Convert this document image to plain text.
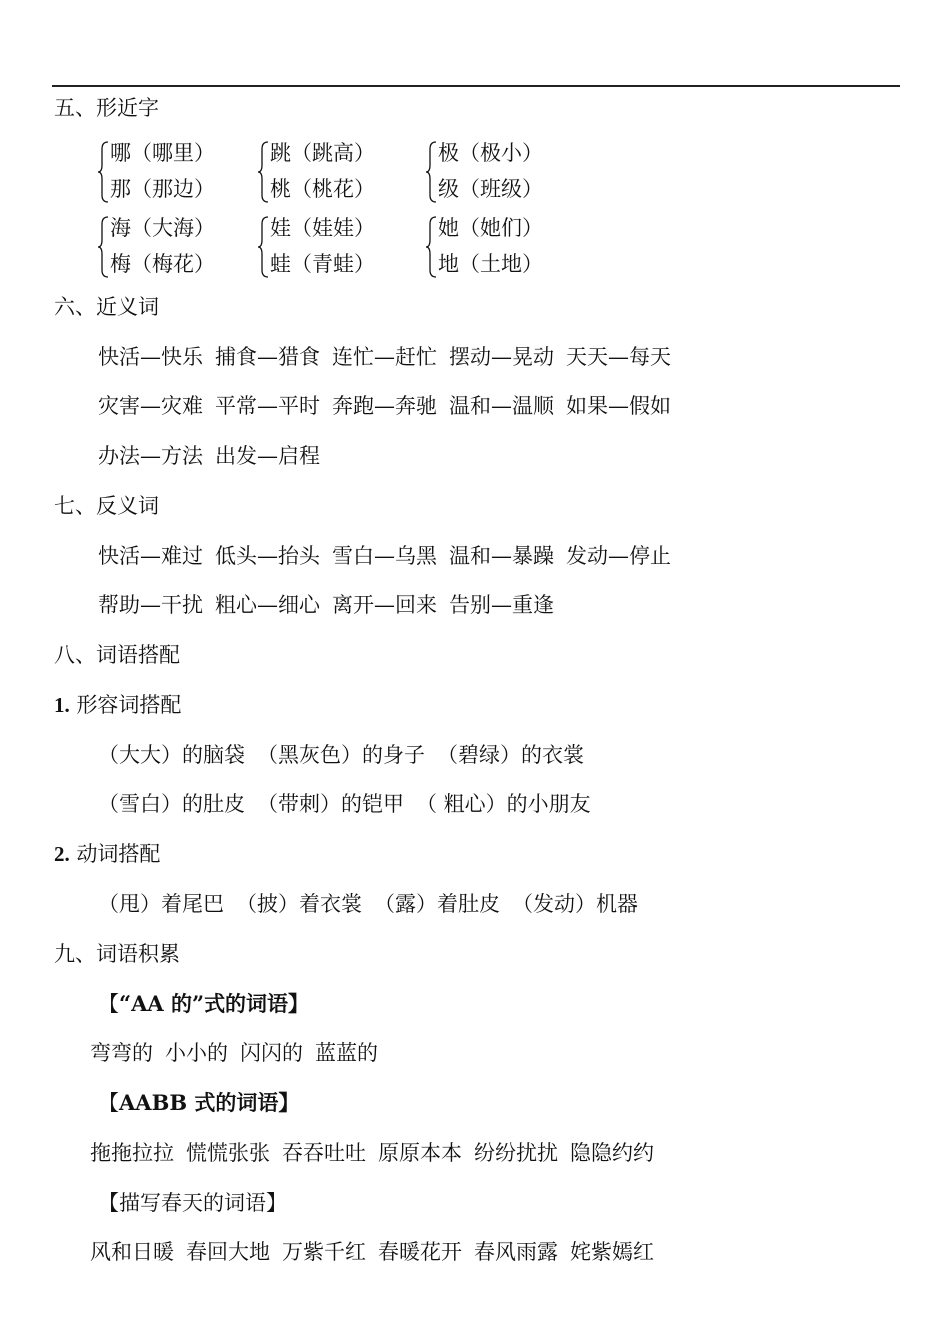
五、形近字
哪（哪里）
那（那边）
跳（跳高）
桃（桃花）
极（极小）
级（班级）
海（大海）
梅（梅花）
娃（娃娃）
蛙（青蛙）
她（她们）
地（土地）
六、近义词
快活—快乐 捕食—猎食 连忙—赶忙 摆动—晃动 天天—每天
灾害—灾难 平常—平时 奔跑—奔驰 温和—温顺 如果—假如
办法—方法 出发—启程
七、反义词
快活—难过 低头—抬头 雪白—乌黑 温和—暴躁 发动—停止
帮助—干扰 粗心—细心 离开—回来 告别—重逢
八、词语搭配
1. 形容词搭配
（大大）的脑袋 （黑灰色）的身子 （碧绿）的衣裳
（雪白）的肚皮 （带刺）的铠甲 （ 粗心）的小朋友
2. 动词搭配
（甩）着尾巴 （披）着衣裳 （露）着肚皮 （发动）机器
九、词语积累
【“AA 的”式的词语】
弯弯的 小小的 闪闪的 蓝蓝的
【AABB 式的词语】
拖拖拉拉 慌慌张张 吞吞吐吐 原原本本 纷纷扰扰 隐隐约约
【描写春天的词语】
风和日暖 春回大地 万紫千红 春暖花开 春风雨露 姹紫嫣红
